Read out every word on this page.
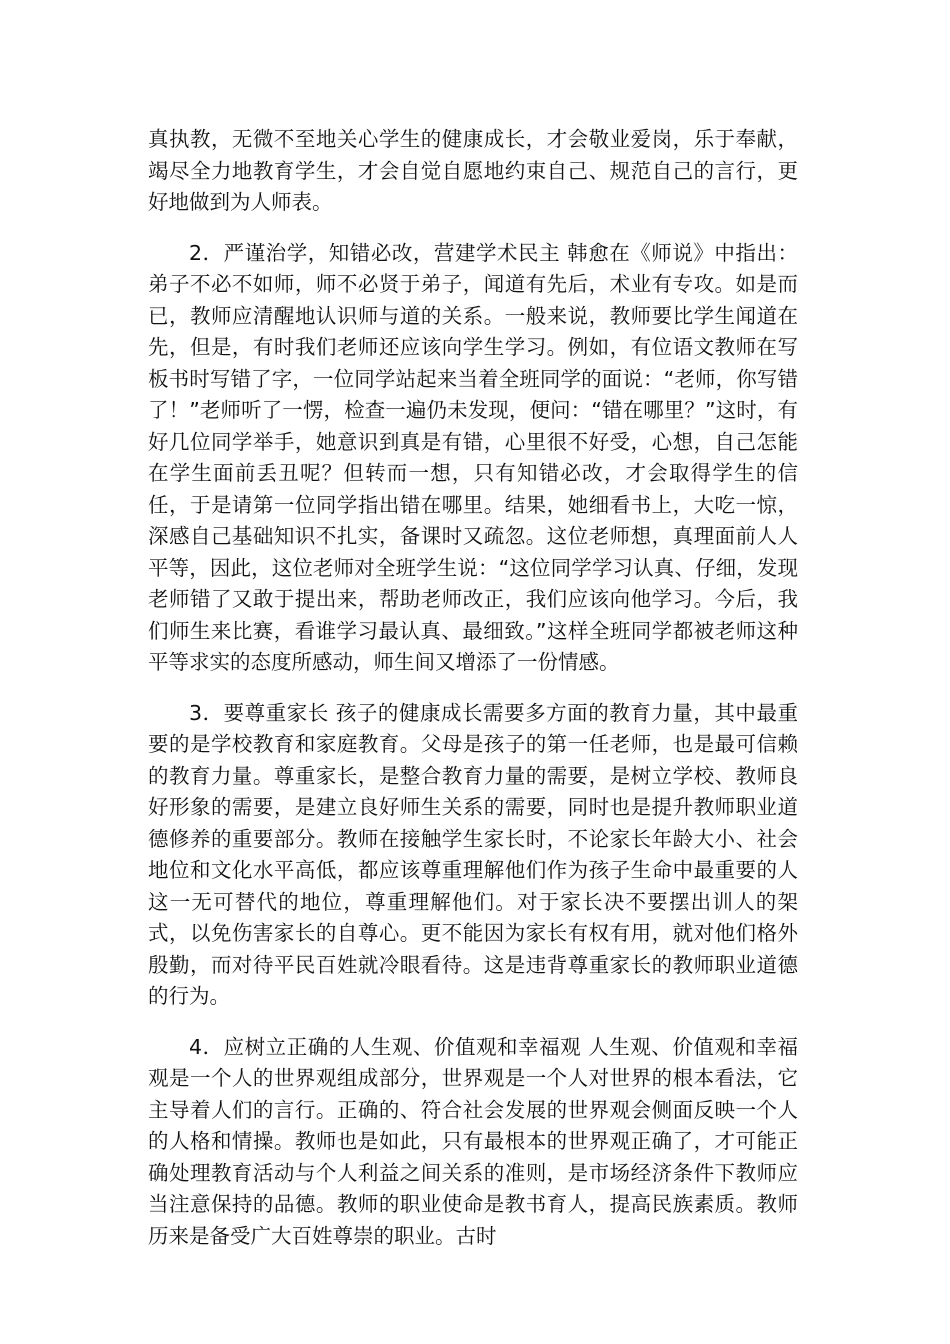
真执教，无微不至地关心学生的健康成长，才会敬业爱岗，乐于奉献，竭尽全力地教育学生，才会自觉自愿地约束自己、规范自己的言行，更好地做到为人师表。

2．严谨治学，知错必改，营建学术民主 韩愈在《师说》中指出：弟子不必不如师，师不必贤于弟子，闻道有先后，术业有专攻。如是而已，教师应清醒地认识师与道的关系。一般来说，教师要比学生闻道在先，但是，有时我们老师还应该向学生学习。例如，有位语文教师在写板书时写错了字，一位同学站起来当着全班同学的面说：“老师，你写错了！”老师听了一愣，检查一遍仍未发现，便问：“错在哪里？”这时，有好几位同学举手，她意识到真是有错，心里很不好受，心想，自己怎能在学生面前丢丑呢？但转而一想，只有知错必改，才会取得学生的信任，于是请第一位同学指出错在哪里。结果，她细看书上，大吃一惊，深感自己基础知识不扎实，备课时又疏忽。这位老师想，真理面前人人平等，因此，这位老师对全班学生说：“这位同学学习认真、仔细，发现老师错了又敢于提出来，帮助老师改正，我们应该向他学习。今后，我们师生来比赛，看谁学习最认真、最细致。”这样全班同学都被老师这种平等求实的态度所感动，师生间又增添了一份情感。

3．要尊重家长 孩子的健康成长需要多方面的教育力量，其中最重要的是学校教育和家庭教育。父母是孩子的第一任老师，也是最可信赖的教育力量。尊重家长，是整合教育力量的需要，是树立学校、教师良好形象的需要，是建立良好师生关系的需要，同时也是提升教师职业道德修养的重要部分。教师在接触学生家长时，不论家长年龄大小、社会地位和文化水平高低，都应该尊重理解他们作为孩子生命中最重要的人这一无可替代的地位，尊重理解他们。对于家长决不要摆出训人的架式，以免伤害家长的自尊心。更不能因为家长有权有用，就对他们格外殷勤，而对待平民百姓就冷眼看待。这是违背尊重家长的教师职业道德的行为。

4．应树立正确的人生观、价值观和幸福观 人生观、价值观和幸福观是一个人的世界观组成部分，世界观是一个人对世界的根本看法，它主导着人们的言行。正确的、符合社会发展的世界观会侧面反映一个人的人格和情操。教师也是如此，只有最根本的世界观正确了，才可能正确处理教育活动与个人利益之间关系的准则，是市场经济条件下教师应当注意保持的品德。教师的职业使命是教书育人，提高民族素质。教师历来是备受广大百姓尊崇的职业。古时
